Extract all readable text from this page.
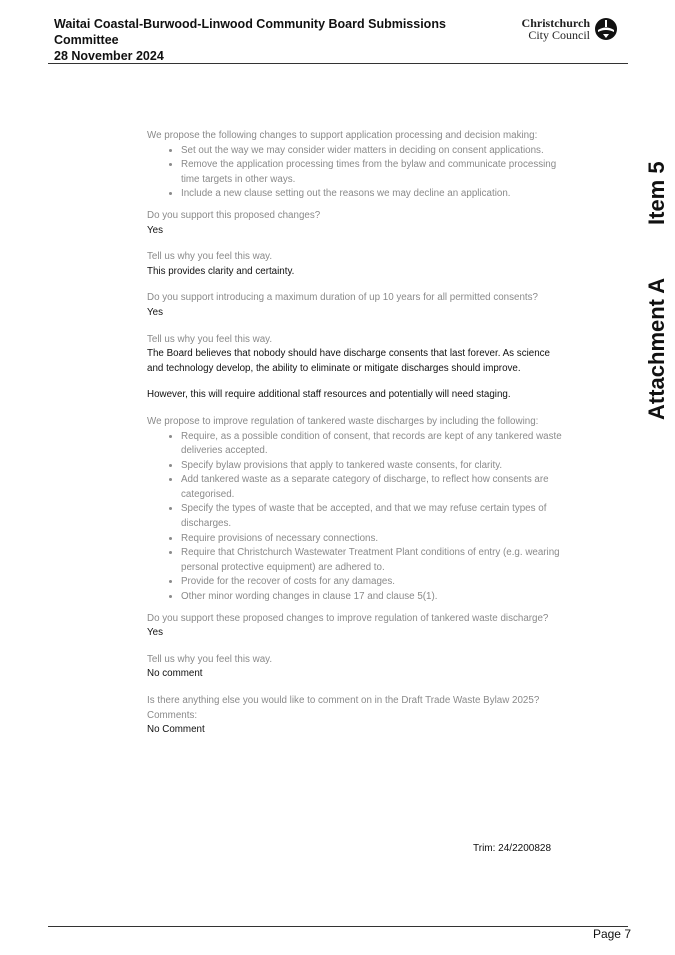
Waitai Coastal-Burwood-Linwood Community Board Submissions
Committee
28 November 2024
Christchurch
City Council
Item 5
Attachment A

We propose the following changes to support application processing and decision making:

• Set out the way we may consider wider matters in deciding on consent applications.
• Remove the application processing times from the bylaw and communicate processing time targets in other ways.
• Include a new clause setting out the reasons we may decline an application.

Do you support this proposed changes?

Yes

Tell us why you feel this way.

This provides clarity and certainty.

Do you support introducing a maximum duration of up 10 years for all permitted consents?

Yes

Tell us why you feel this way.

The Board believes that nobody should have discharge consents that last forever. As science and technology develop, the ability to eliminate or mitigate discharges should improve.

However, this will require additional staff resources and potentially will need staging.

We propose to improve regulation of tankered waste discharges by including the following:

• Require, as a possible condition of consent, that records are kept of any tankered waste deliveries accepted.
• Specify bylaw provisions that apply to tankered waste consents, for clarity.
• Add tankered waste as a separate category of discharge, to reflect how consents are categorised.
• Specify the types of waste that be accepted, and that we may refuse certain types of discharges.
• Require provisions of necessary connections.
• Require that Christchurch Wastewater Treatment Plant conditions of entry (e.g. wearing personal protective equipment) are adhered to.
• Provide for the recover of costs for any damages.
• Other minor wording changes in clause 17 and clause 5(1).

Do you support these proposed changes to improve regulation of tankered waste discharge?

Yes

Tell us why you feel this way.

No comment

Is there anything else you would like to comment on in the Draft Trade Waste Bylaw 2025?

Comments:

No Comment

Trim: 24/2200828
Page 7
